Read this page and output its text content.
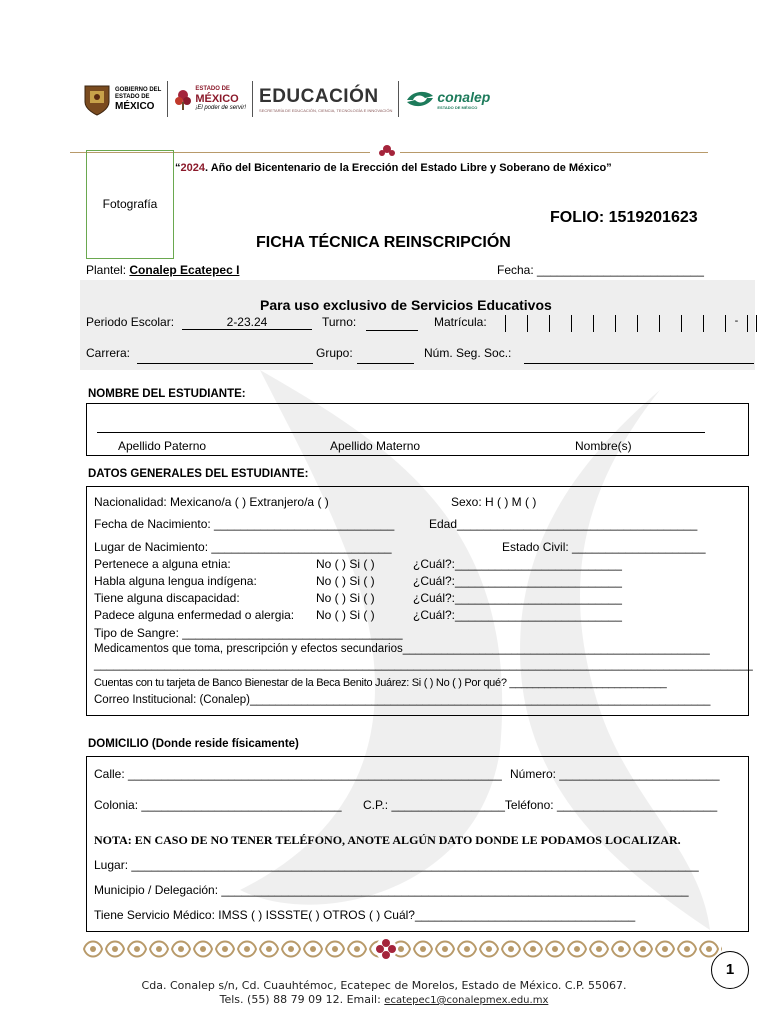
GOBIERNO DEL
ESTADO DE
MÉXICO
ESTADO DE
MÉXICO
¡El poder de servir!
EDUCACIÓN
SECRETARÍA DE EDUCACIÓN, CIENCIA, TECNOLOGÍA E INNOVACIÓN
conalep
ESTADO DE MÉXICO
“2024. Año del Bicentenario de la Erección del Estado Libre y Soberano de México”
Fotografía
FOLIO: 1519201623
FICHA TÉCNICA REINSCRIPCIÓN
Plantel: Conalep Ecatepec I	Fecha: _________________________
Para uso exclusivo de Servicios Educativos
Periodo Escolar:	2-23.24	Turno:	Matrícula:	-
Carrera:	Grupo:	Núm. Seg. Soc.:
NOMBRE DEL ESTUDIANTE:
Apellido Paterno	Apellido Materno	Nombre(s)
DATOS GENERALES DEL ESTUDIANTE:
Nacionalidad: Mexicano/a ( ) Extranjero/a ( )	Sexo: H ( ) M ( )
Fecha de Nacimiento: ___________________________	Edad____________________________________
Lugar de Nacimiento: ___________________________	Estado Civil: ____________________
Pertenece a alguna etnia:	No ( ) Si ( )	¿Cuál?:_________________________
Habla alguna lengua indígena:	No ( ) Si ( )	¿Cuál?:_________________________
Tiene alguna discapacidad:	No ( ) Si ( )	¿Cuál?:_________________________
Padece alguna enfermedad o alergia: No ( ) Si ( )	¿Cuál?:_________________________
Tipo de Sangre: _________________________________
Medicamentos que toma, prescripción y efectos secundarios________________________________________________
_______________________________________________________________________________________________________
Cuentas con tu tarjeta de Banco Bienestar de la Beca Benito Juárez: Si ( ) No ( ) Por qué? ___________________________
Correo Institucional: (Conalep)________________________________________________________________________
DOMICILIO (Donde reside físicamente)
Calle: ________________________________________________________ Número: ________________________
Colonia: ______________________________ C.P.: _________________Teléfono: ________________________
NOTA: EN CASO DE NO TENER TELÉFONO, ANOTE ALGÚN DATO DONDE LE PODAMOS LOCALIZAR.
Lugar: _____________________________________________________________________________________
Municipio / Delegación: ______________________________________________________________________
Tiene Servicio Médico: IMSS ( ) ISSSTE( ) OTROS ( ) Cuál?_________________________________
1
Cda. Conalep s/n, Cd. Cuauhtémoc, Ecatepec de Morelos, Estado de México. C.P. 55067.
Tels. (55) 88 79 09 12. Email: ecatepec1@conalepmex.edu.mx
